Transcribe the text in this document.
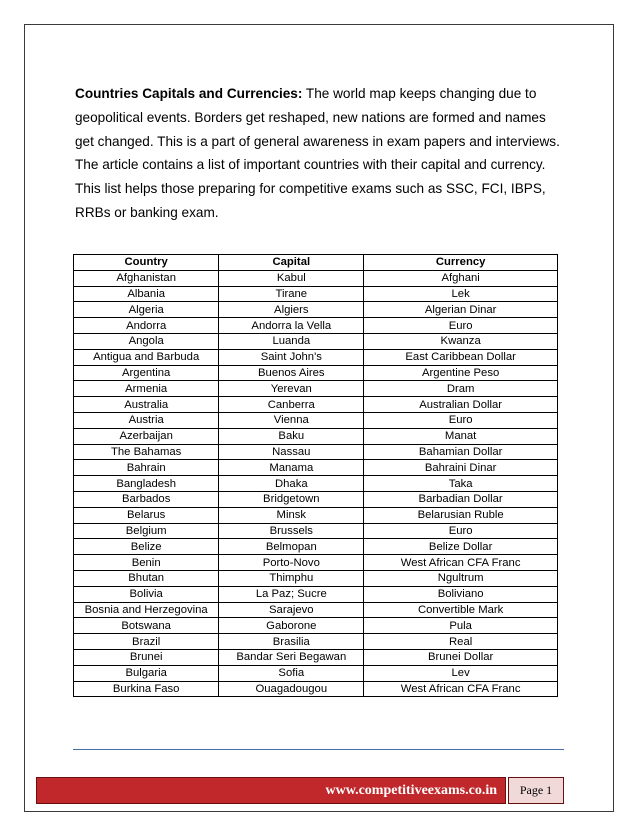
Countries Capitals and Currencies: The world map keeps changing due to geopolitical events. Borders get reshaped, new nations are formed and names get changed. This is a part of general awareness in exam papers and interviews. The article contains a list of important countries with their capital and currency. This list helps those preparing for competitive exams such as SSC, FCI, IBPS, RRBs or banking exam.

Country	Capital	Currency
Afghanistan	Kabul	Afghani
Albania	Tirane	Lek
Algeria	Algiers	Algerian Dinar
Andorra	Andorra la Vella	Euro
Angola	Luanda	Kwanza
Antigua and Barbuda	Saint John's	East Caribbean Dollar
Argentina	Buenos Aires	Argentine Peso
Armenia	Yerevan	Dram
Australia	Canberra	Australian Dollar
Austria	Vienna	Euro
Azerbaijan	Baku	Manat
The Bahamas	Nassau	Bahamian Dollar
Bahrain	Manama	Bahraini Dinar
Bangladesh	Dhaka	Taka
Barbados	Bridgetown	Barbadian Dollar
Belarus	Minsk	Belarusian Ruble
Belgium	Brussels	Euro
Belize	Belmopan	Belize Dollar
Benin	Porto-Novo	West African CFA Franc
Bhutan	Thimphu	Ngultrum
Bolivia	La Paz; Sucre	Boliviano
Bosnia and Herzegovina	Sarajevo	Convertible Mark
Botswana	Gaborone	Pula
Brazil	Brasilia	Real
Brunei	Bandar Seri Begawan	Brunei Dollar
Bulgaria	Sofia	Lev
Burkina Faso	Ouagadougou	West African CFA Franc
www.competitiveexams.co.in	Page 1
